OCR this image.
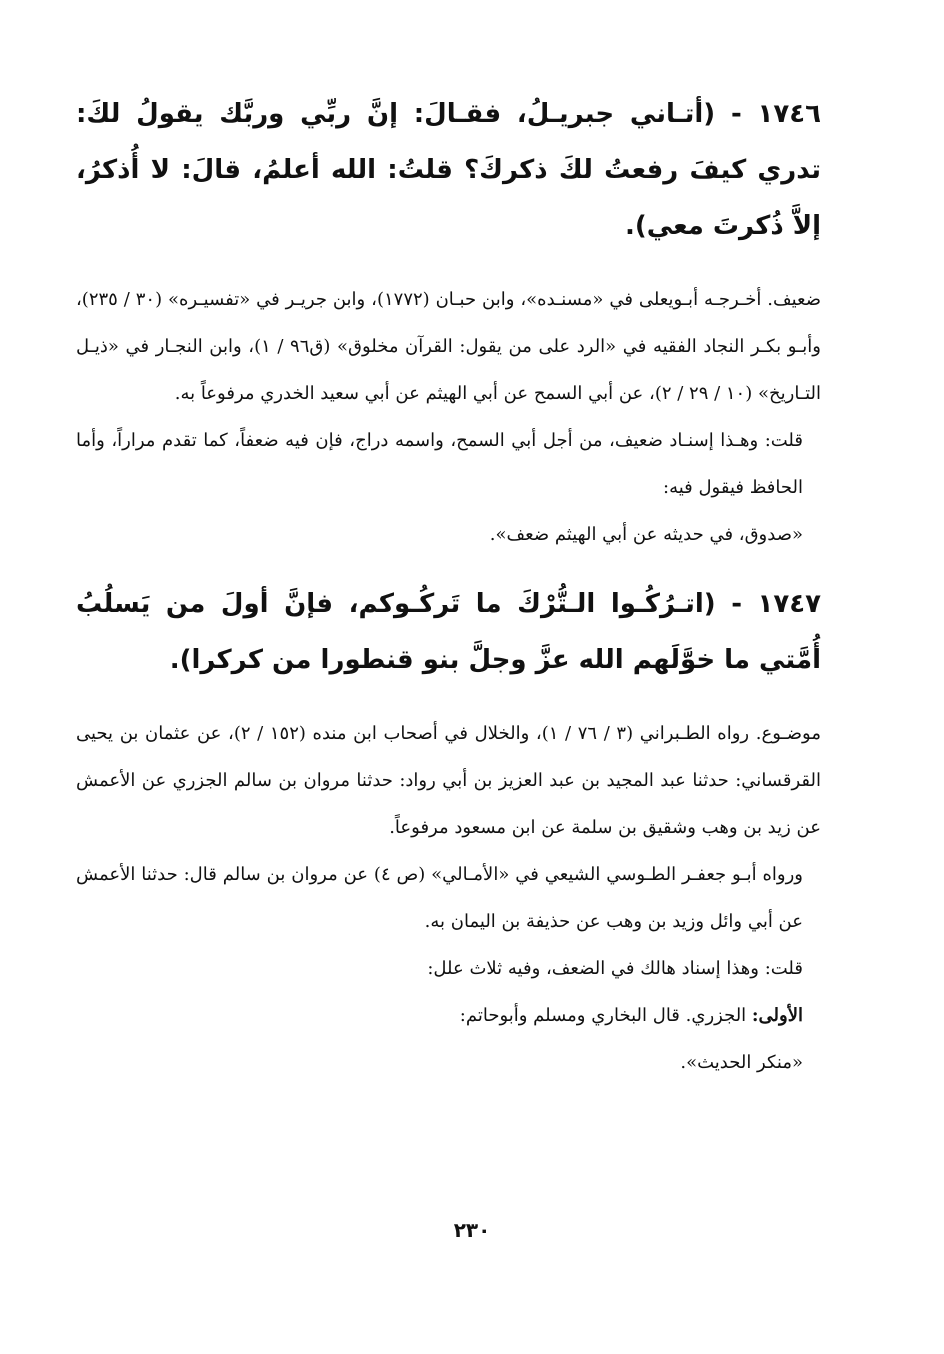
١٧٤٦ - (أتـاني جبريـلُ، فقـالَ: إنَّ ربِّي وربَّك يقولُ لكَ: تدري كيفَ رفعتُ لكَ ذكركَ؟ قلتُ: الله أعلمُ، قالَ: لا أُذكرُ، إلاَّ ذُكرتَ معي).

ضعيف. أخـرجـه أبـويعلى في «مسنـده»، وابن حبـان (١٧٧٢)، وابن جريـر في «تفسيـره» (٣٠ / ٢٣٥)، وأبـو بكـر النجاد الفقيه في «الرد على من يقول: القرآن مخلوق» (ق٩٦ / ١)، وابن النجـار في «ذيـل التـاريخ» (١٠ / ٢٩ / ٢)، عن أبي السمح عن أبي الهيثم عن أبي سعيد الخدري مرفوعاً به.

قلت: وهـذا إسنـاد ضعيف، من أجل أبي السمح، واسمه دراج، فإن فيه ضعفاً، كما تقدم مراراً، وأما الحافظ فيقول فيه:

«صدوق، في حديثه عن أبي الهيثم ضعف».

١٧٤٧ - (اتـرُكُـوا الـتُّرْكَ ما تَركُـوكم، فإنَّ أولَ من يَسلُبُ أُمَّتي ما خوَّلَهم الله عزَّ وجلَّ بنو قنطورا من كركرا).

موضـوع. رواه الطـبراني (٣ / ٧٦ / ١)، والخلال في أصحاب ابن منده (١٥٢ / ٢)، عن عثمان بن يحيى القرقساني: حدثنا عبد المجيد بن عبد العزيز بن أبي رواد: حدثنا مروان بن سالم الجزري عن الأعمش عن زيد بن وهب وشقيق بن سلمة عن ابن مسعود مرفوعاً.

ورواه أبـو جعفـر الطـوسي الشيعي في «الأمـالي» (ص ٤) عن مروان بن سالم قال: حدثنا الأعمش عن أبي وائل وزيد بن وهب عن حذيفة بن اليمان به.

قلت: وهذا إسناد هالك في الضعف، وفيه ثلاث علل:

الأولى: الجزري. قال البخاري ومسلم وأبوحاتم:

«منكر الحديث».

٢٣٠
